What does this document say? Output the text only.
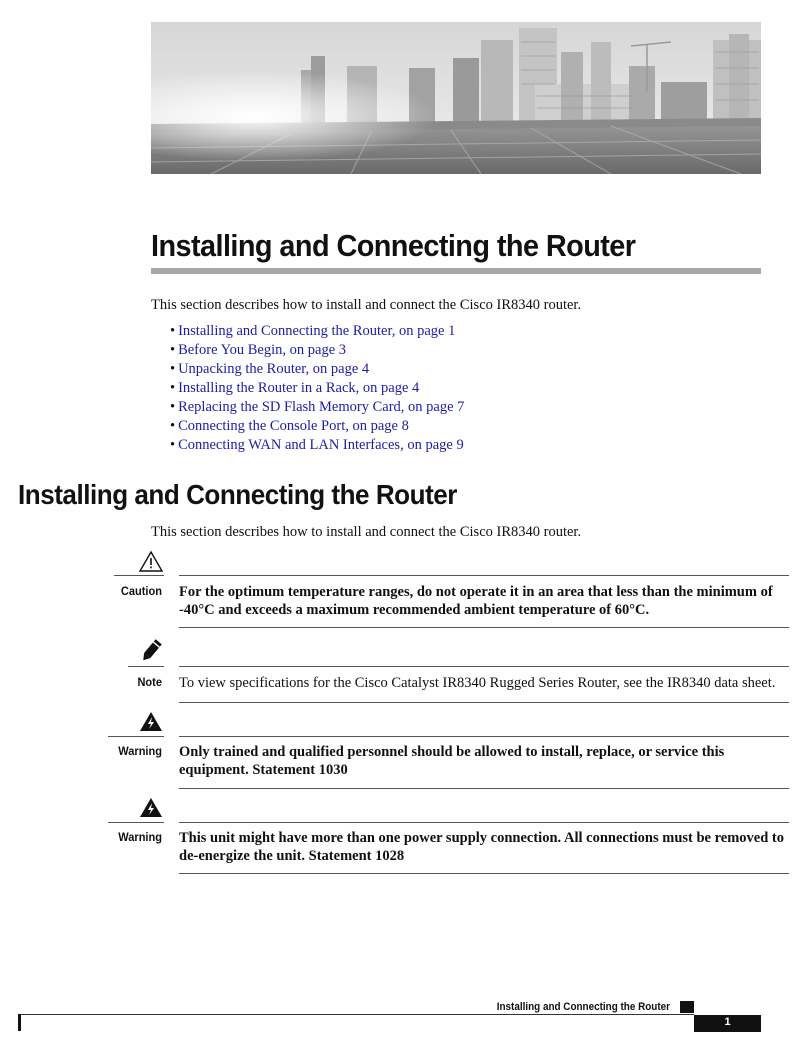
Installing and Connecting the Router
This section describes how to install and connect the Cisco IR8340 router.
• Installing and Connecting the Router, on page 1
• Before You Begin, on page 3
• Unpacking the Router, on page 4
• Installing the Router in a Rack, on page 4
• Replacing the SD Flash Memory Card, on page 7
• Connecting the Console Port, on page 8
• Connecting WAN and LAN Interfaces, on page 9
Installing and Connecting the Router
This section describes how to install and connect the Cisco IR8340 router.
Caution For the optimum temperature ranges, do not operate it in an area that less than the minimum of -40°C and exceeds a maximum recommended ambient temperature of 60°C.
Note To view specifications for the Cisco Catalyst IR8340 Rugged Series Router, see the IR8340 data sheet.
Warning Only trained and qualified personnel should be allowed to install, replace, or service this equipment. Statement 1030
Warning This unit might have more than one power supply connection. All connections must be removed to de-energize the unit. Statement 1028
Installing and Connecting the Router
1
